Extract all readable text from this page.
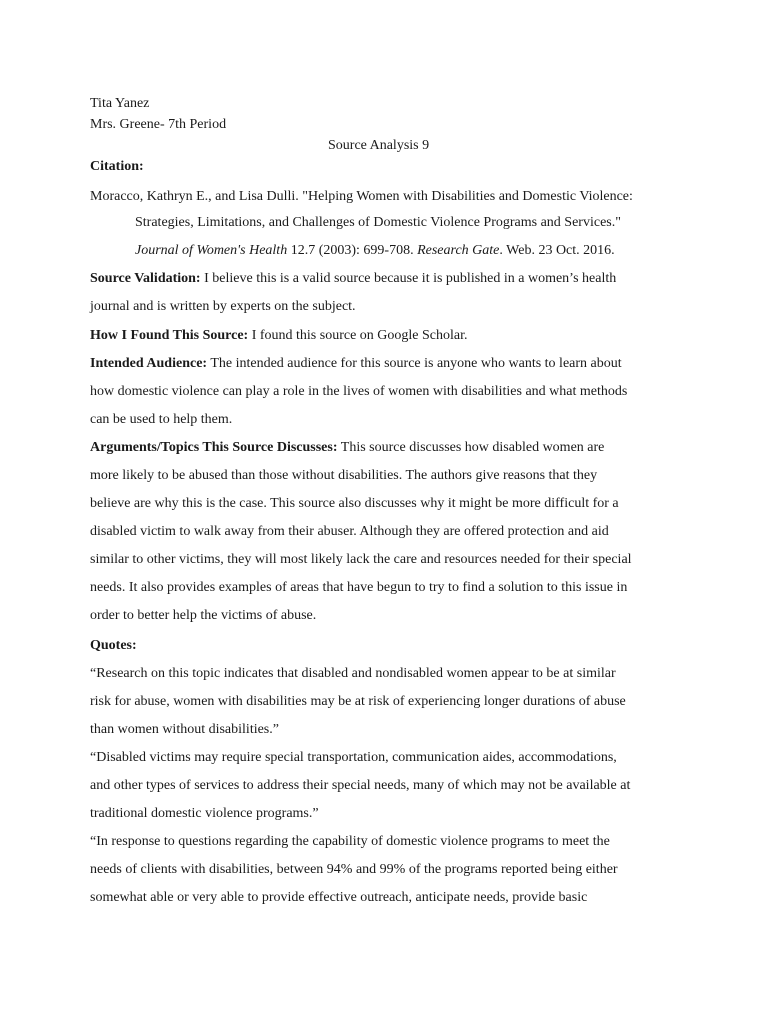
Tita Yanez
Mrs. Greene- 7th Period
Source Analysis 9
Citation:
Moracco, Kathryn E., and Lisa Dulli. "Helping Women with Disabilities and Domestic Violence:
Strategies, Limitations, and Challenges of Domestic Violence Programs and Services."
Journal of Women's Health 12.7 (2003): 699-708. Research Gate. Web. 23 Oct. 2016.
Source Validation: I believe this is a valid source because it is published in a women’s health
journal and is written by experts on the subject.
How I Found This Source: I found this source on Google Scholar.
Intended Audience: The intended audience for this source is anyone who wants to learn about
how domestic violence can play a role in the lives of women with disabilities and what methods
can be used to help them.
Arguments/Topics This Source Discusses: This source discusses how disabled women are
more likely to be abused than those without disabilities. The authors give reasons that they
believe are why this is the case. This source also discusses why it might be more difficult for a
disabled victim to walk away from their abuser. Although they are offered protection and aid
similar to other victims, they will most likely lack the care and resources needed for their special
needs. It also provides examples of areas that have begun to try to find a solution to this issue in
order to better help the victims of abuse.
Quotes:
“Research on this topic indicates that disabled and nondisabled women appear to be at similar
risk for abuse, women with disabilities may be at risk of experiencing longer durations of abuse
than women without disabilities.”
“Disabled victims may require special transportation, communication aides, accommodations,
and other types of services to address their special needs, many of which may not be available at
traditional domestic violence programs.”
“In response to questions regarding the capability of domestic violence programs to meet the
needs of clients with disabilities, between 94% and 99% of the programs reported being either
somewhat able or very able to provide effective outreach, anticipate needs, provide basic
